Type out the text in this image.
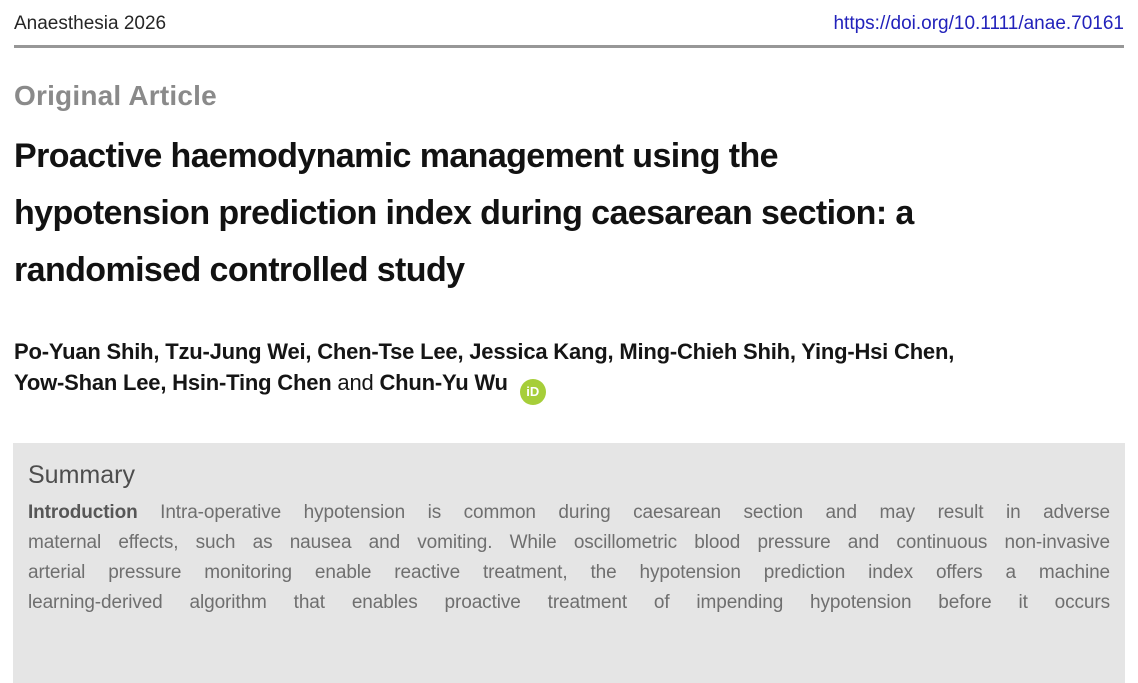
Anaesthesia 2026	https://doi.org/10.1111/anae.70161
Original Article
Proactive haemodynamic management using the
hypotension prediction index during caesarean section: a
randomised controlled study
Po-Yuan Shih, Tzu-Jung Wei, Chen-Tse Lee, Jessica Kang, Ming-Chieh Shih, Ying-Hsi Chen,
Yow-Shan Lee, Hsin-Ting Chen and Chun-Yu Wu iD
Summary
Introduction Intra-operative hypotension is common during caesarean section and may result in adverse
maternal effects, such as nausea and vomiting. While oscillometric blood pressure and continuous non-invasive
arterial pressure monitoring enable reactive treatment, the hypotension prediction index offers a machine
learning-derived algorithm that enables proactive treatment of impending hypotension before it occurs
